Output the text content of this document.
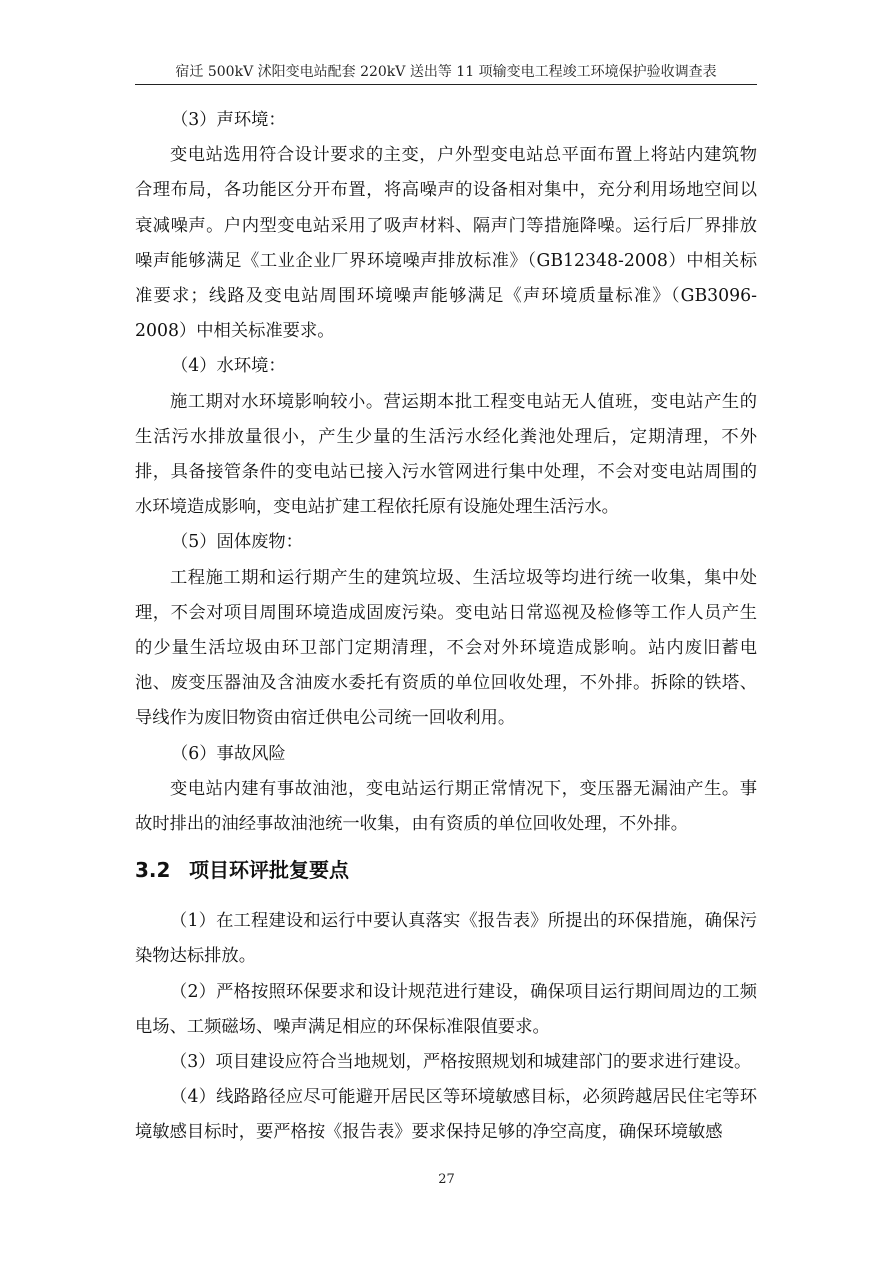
宿迁 500kV 沭阳变电站配套 220kV 送出等 11 项输变电工程竣工环境保护验收调查表

（3）声环境：

变电站选用符合设计要求的主变，户外型变电站总平面布置上将站内建筑物合理布局，各功能区分开布置，将高噪声的设备相对集中，充分利用场地空间以衰减噪声。户内型变电站采用了吸声材料、隔声门等措施降噪。运行后厂界排放噪声能够满足《工业企业厂界环境噪声排放标准》（GB12348-2008）中相关标准要求；线路及变电站周围环境噪声能够满足《声环境质量标准》（GB3096-2008）中相关标准要求。

（4）水环境：

施工期对水环境影响较小。营运期本批工程变电站无人值班，变电站产生的生活污水排放量很小，产生少量的生活污水经化粪池处理后，定期清理，不外排，具备接管条件的变电站已接入污水管网进行集中处理，不会对变电站周围的水环境造成影响，变电站扩建工程依托原有设施处理生活污水。

（5）固体废物：

工程施工期和运行期产生的建筑垃圾、生活垃圾等均进行统一收集，集中处理，不会对项目周围环境造成固废污染。变电站日常巡视及检修等工作人员产生的少量生活垃圾由环卫部门定期清理，不会对外环境造成影响。站内废旧蓄电池、废变压器油及含油废水委托有资质的单位回收处理，不外排。拆除的铁塔、导线作为废旧物资由宿迁供电公司统一回收利用。

（6）事故风险

变电站内建有事故油池，变电站运行期正常情况下，变压器无漏油产生。事故时排出的油经事故油池统一收集，由有资质的单位回收处理，不外排。

3.2 项目环评批复要点

（1）在工程建设和运行中要认真落实《报告表》所提出的环保措施，确保污染物达标排放。

（2）严格按照环保要求和设计规范进行建设，确保项目运行期间周边的工频电场、工频磁场、噪声满足相应的环保标准限值要求。

（3）项目建设应符合当地规划，严格按照规划和城建部门的要求进行建设。

（4）线路路径应尽可能避开居民区等环境敏感目标，必须跨越居民住宅等环境敏感目标时，要严格按《报告表》要求保持足够的净空高度，确保环境敏感

27
